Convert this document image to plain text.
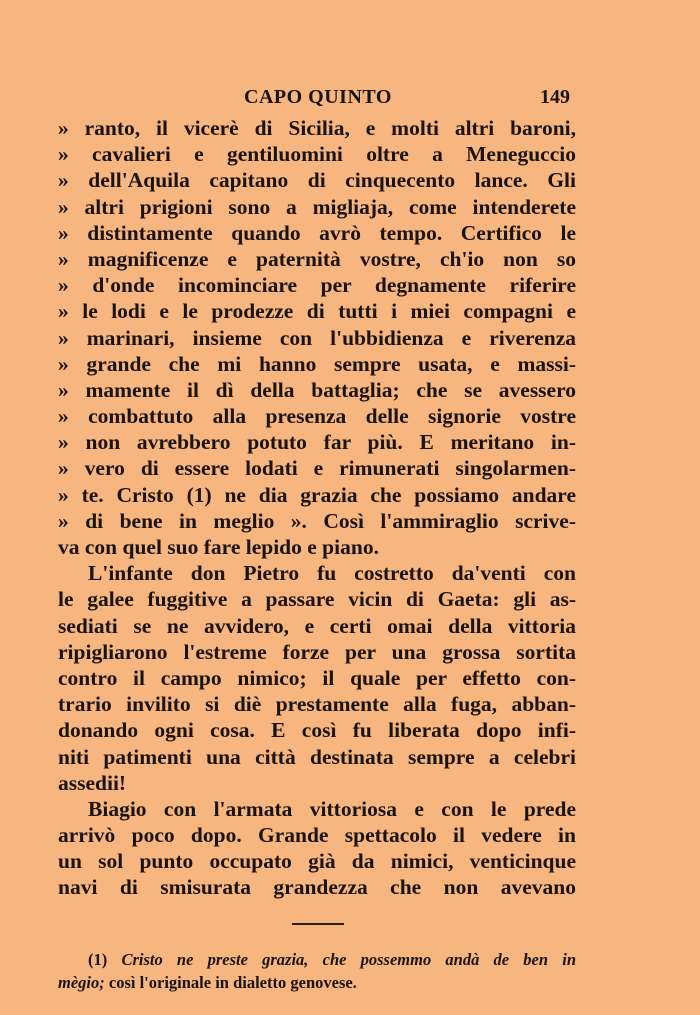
CAPO QUINTO	149
» ranto, il vicerè di Sicilia, e molti altri baroni,
» cavalieri e gentiluomini oltre a Meneguccio
» dell'Aquila capitano di cinquecento lance. Gli
» altri prigioni sono a migliaja, come intenderete
» distintamente quando avrò tempo. Certifico le
» magnificenze e paternità vostre, ch'io non so
» d'onde incominciare per degnamente riferire
» le lodi e le prodezze di tutti i miei compagni e
» marinari, insieme con l'ubbidienza e riverenza
» grande che mi hanno sempre usata, e massi-
» mamente il dì della battaglia; che se avessero
» combattuto alla presenza delle signorie vostre
» non avrebbero potuto far più. E meritano in-
» vero di essere lodati e rimunerati singolarmen-
» te. Cristo (1) ne dia grazia che possiamo andare
» di bene in meglio ». Così l'ammiraglio scrive-
va con quel suo fare lepido e piano.
L'infante don Pietro fu costretto da'venti con
le galee fuggitive a passare vicin di Gaeta: gli as-
sediati se ne avvidero, e certi omai della vittoria
ripigliarono l'estreme forze per una grossa sortita
contro il campo nimico; il quale per effetto con-
trario invilito si diè prestamente alla fuga, abban-
donando ogni cosa. E così fu liberata dopo infi-
niti patimenti una città destinata sempre a celebri
assedii!
Biagio con l'armata vittoriosa e con le prede
arrivò poco dopo. Grande spettacolo il vedere in
un sol punto occupato già da nimici, venticinque
navi di smisurata grandezza che non avevano
(1) Cristo ne preste grazia, che possemmo andà de ben in
mègio; così l'originale in dialetto genovese.
